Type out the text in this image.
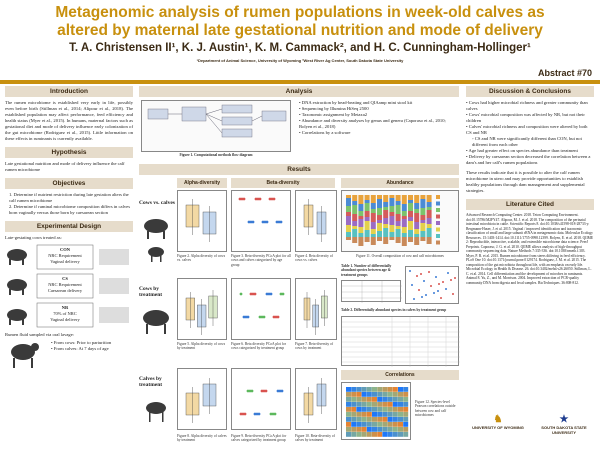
Metagenomic analysis of rumen populations in week-old calves as altered by maternal late gestational nutrition and mode of delivery
T. A. Christensen II¹, K. J. Austin¹, K. M. Cammack², and H. C. Cunningham-Hollinger¹
¹Department of Animal Science, University of Wyoming ²West River Ag Center, South Dakota State University
Abstract #70
Introduction
The rumen microbiome is established very early in life, possibly even before birth (Stillman et al., 2014; Alipour et al., 2018). The established population may affect performance, feed efficiency and health status (Myer et al., 2015). In humans, maternal factors such as gestational diet and mode of delivery influence early colonization of the gut microbiome (Rodriguez et al., 2015). Little information on these effects in ruminants is currently available.
Hypothesis
Late gestational nutrition and mode of delivery influence the calf rumen microbiome
Objectives
1. Determine if nutrient restriction during late gestation alters the calf rumen microbiome
2. Determine if ruminal microbiome composition differs in calves born vaginally versus those born by caesarean section
Experimental Design
Late-gestating cows treated as:
CON
NRC Requirement
Vaginal delivery
CS
NRC Requirement
Caesarean delivery
NR
70% of NRC
Vaginal delivery
Rumen fluid sampled via oral lavage:
• From cows: Prior to parturition
• From calves: At 7 days of age
Analysis
Figure 1. Computational methods flow diagram
• DNA extraction by bead-beating and QIAamp mini stool kit
• Sequencing by Illumina HiSeq 2500
• Taxonomic assignment by Metaxa2
• Abundance and diversity analyses by genus and genera (Caporaso et al., 2010; Bolyen et al., 2018)
• Correlations by a software
Results
Alpha-diversity	Beta-diversity	Abundance
Cows vs. calves
Cows by treatment
Calves by treatment
Figure 2. Alpha diversity of cows vs. calves
Figure 3. Beta-diversity PCoA plot for all cows and calves categorized by age group
Figure 4. Beta diversity of cows vs. calves
Figure 5. Alpha diversity of cows by treatment
Figure 6. Beta diversity PCoA plot for cows categorized by treatment group
Figure 7. Beta-diversity of cows by treatment
Figure 8. Alpha diversity of calves by treatment
Figure 9. Beta-diversity PCoA plot for calves categorized by treatment group
Figure 10. Beta-diversity of calves by treatment
Figure 11. Overall composition of cow and calf microbiomes
Table 1. Number of differentially abundant species between age & treatment groups
Table 2. Differentially abundant species in calves by treatment group
Correlations
Figure 12. Species-level Pearson correlations outside between cow and calf microbiomes
Discussion & Conclusions
• Cows had higher microbial richness and greater community than calves
• Cows' microbial composition was affected by NR, but not their children
• Calves' microbial richness and composition were altered by both CS and NR
◦ CS and NR were significantly different than CON, but not different from each other
• Age had greater effect on species abundance than treatment
• Delivery by caesarean section decreased the correlation between a dam's and her calf's rumen populations
These results indicate that it is possible to alter the calf rumen microbiome in utero and may provide opportunities to establish healthy populations through dam management and supplemental strategies.
Literature Cited
Advanced Research Computing Center. 2018. Teton Computing Environment. doi:10.15786/M2FY47. Alipour, M. J. et al. 2018. The composition of the perinatal intestinal microbiota in cattle. Scientific Reports 8. doi:10.1038/s41598-018-28733-y. Bergmann-Huser, J. et al. 2015. Vaginal / improved identification and taxonomic classification of small and large subunit rRNA in metagenomic data. Molecular Ecology Resources. 15:1403-1414. doi:10.1111/1755-0998.12399. Bolyen, E. et al. 2018. QIIME 2: Reproducible, interactive, scalable, and extensible microbiome data science. PeerJ Preprints. Caporaso, J. G. et al. 2010. QIIME allows analysis of high-throughput community sequencing data. Nature Methods 7:335-336. doi:10.1038/nmeth.f.303. Myer, P. R. et al. 2015. Rumen microbiome from steers differing in feed efficiency. PLoS One 10. doi:10.1371/journal.pone.0129174. Rodriguez, J. M. et al. 2015. The composition of the gut microbiota throughout life, with an emphasis on early life. Microbial Ecology in Health & Disease. 26. doi:10.3402/mehd.v26.26050. Stillman, L. C. et al. 2014. Cell differentiation and the development of microbes in ruminants. Animal 8. Yu, Z., and M. Morrison. 2004. Improved extraction of PCR-quality community DNA from digesta and fecal samples. BioTechniques. 36:808-812.
♞
UNIVERSITY OF WYOMING
★
SOUTH DAKOTA STATE UNIVERSITY
